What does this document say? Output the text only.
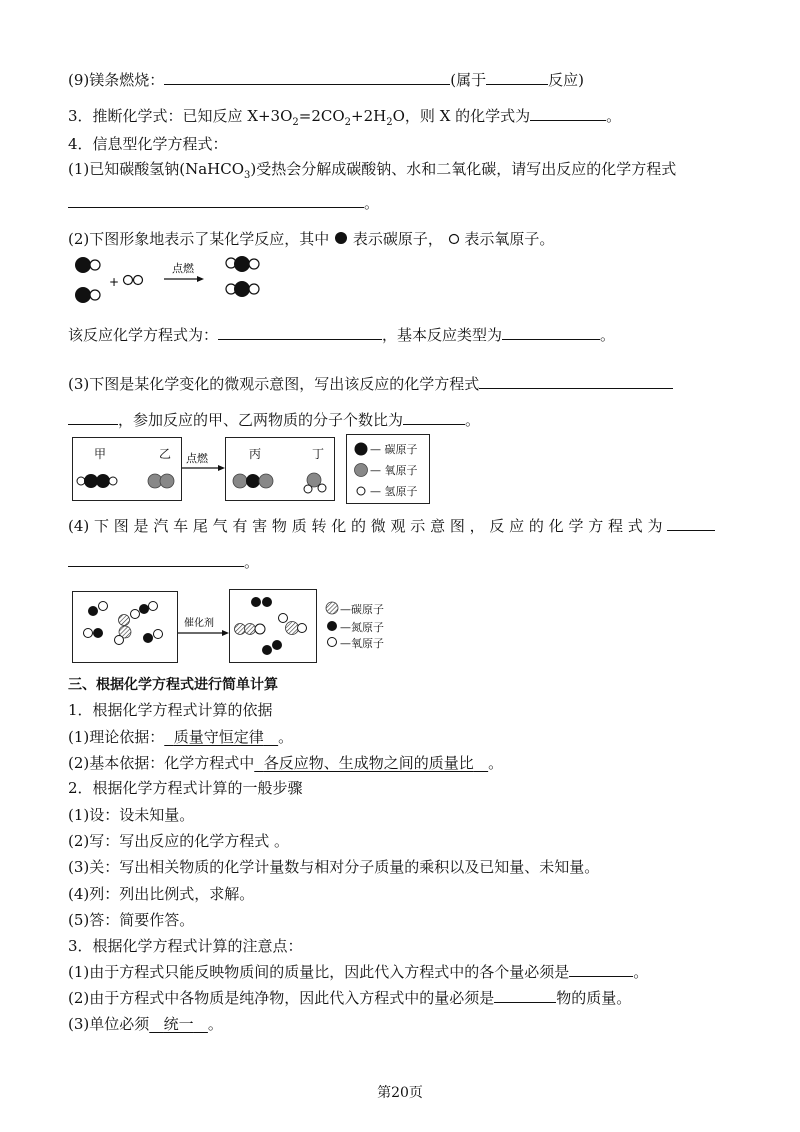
(9)镁条燃烧：	(属于	反应)
3．推断化学式：已知反应 $X+3O_2=2CO_2+2H_2O$，则 X 的化学式为	。
4．信息型化学方程式：
(1)已知碳酸氢钠(NaHCO$_3$)受热会分解成碳酸钠、水和二氧化碳，请写出反应的化学方程式
。
(2)下图形象地表示了某化学反应，其中 表示碳原子， 表示氧原子。
+
点燃
该反应化学方程式为：	，基本反应类型为	。
(3)下图是某化学变化的微观示意图，写出该反应的化学方程式
，参加反应的甲、乙两物质的分子个数比为	。
甲	乙 点燃	丙	丁	— 碳原子
— 氧原子
— 氢原子
(4) 下 图 是 汽 车 尾 气 有 害 物 质 转 化 的 微 观 示 意 图 ， 反 应 的 化 学 方 程 式 为
。
催化剂
—碳原子
—氮原子
—氧原子
三、根据化学方程式进行简单计算
1．根据化学方程式计算的依据
(1)理论依据： 质量守恒定律 。
(2)基本依据：化学方程式中 各反应物、生成物之间的质量比 。
2．根据化学方程式计算的一般步骤
(1)设：设未知量。
(2)写：写出反应的化学方程式 。
(3)关：写出相关物质的化学计量数与相对分子质量的乘积以及已知量、未知量。
(4)列：列出比例式，求解。
(5)答：简要作答。
3．根据化学方程式计算的注意点：
(1)由于方程式只能反映物质间的质量比，因此代入方程式中的各个量必须是	。
(2)由于方程式中各物质是纯净物，因此代入方程式中的量必须是	物的质量。
(3)单位必须 统一 。
第20页
